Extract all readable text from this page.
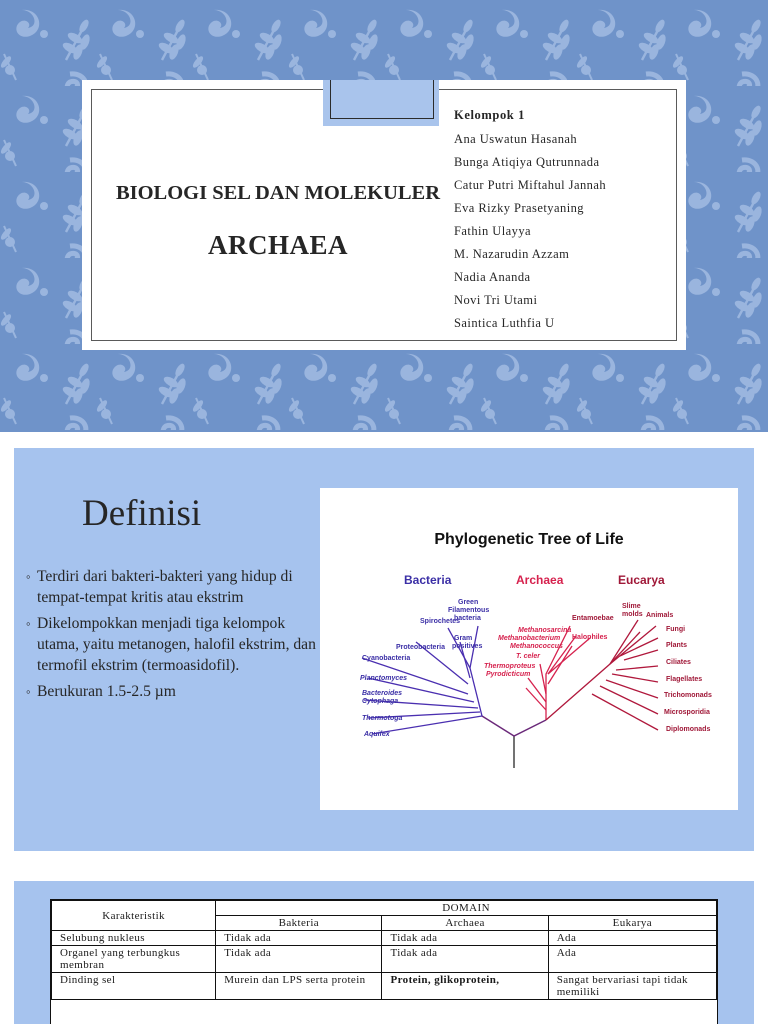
BIOLOGI SEL DAN MOLEKULER
ARCHAEA
Kelompok 1
Ana Uswatun Hasanah
Bunga Atiqiya Qutrunnada
Catur Putri Miftahul Jannah
Eva Rizky Prasetyaning
Fathin Ulayya
M. Nazarudin Azzam
Nadia Ananda
Novi Tri Utami
Saintica Luthfia U
Definisi
◦ Terdiri dari bakteri-bakteri yang hidup di tempat-tempat kritis atau ekstrim
◦ Dikelompokkan menjadi tiga kelompok utama, yaitu metanogen, halofil ekstrim, dan termofil ekstrim (termoasidofil).
◦ Berukuran 1.5-2.5 µm
Phylogenetic Tree of Life
Bacteria	Archaea	Eucarya
Green
Filamentous
bacteria
Spirochetes
Gram
positives
Proteobacteria
Cyanobacteria
Planctomyces
Bacteroides
Cytophaga
Thermotoga
Aquifex
Methanosarcina
Methanobacterium
Methanococcus
T. celer
Thermoproteus
Pyrodicticum
Halophiles
Entamoebae
Slime
molds Animals
Fungi
Plants
Ciliates
Flagellates
Trichomonads
Microsporidia
Diplomonads
Karakteristik	DOMAIN		
	Bakteria	Archaea	Eukarya
Selubung nukleus	Tidak ada	Tidak ada	Ada
Organel yang terbungkus membran	Tidak ada	Tidak ada	Ada
Dinding sel	Murein dan LPS serta protein	Protein, glikoprotein,	Sangat bervariasi tapi tidak memiliki
